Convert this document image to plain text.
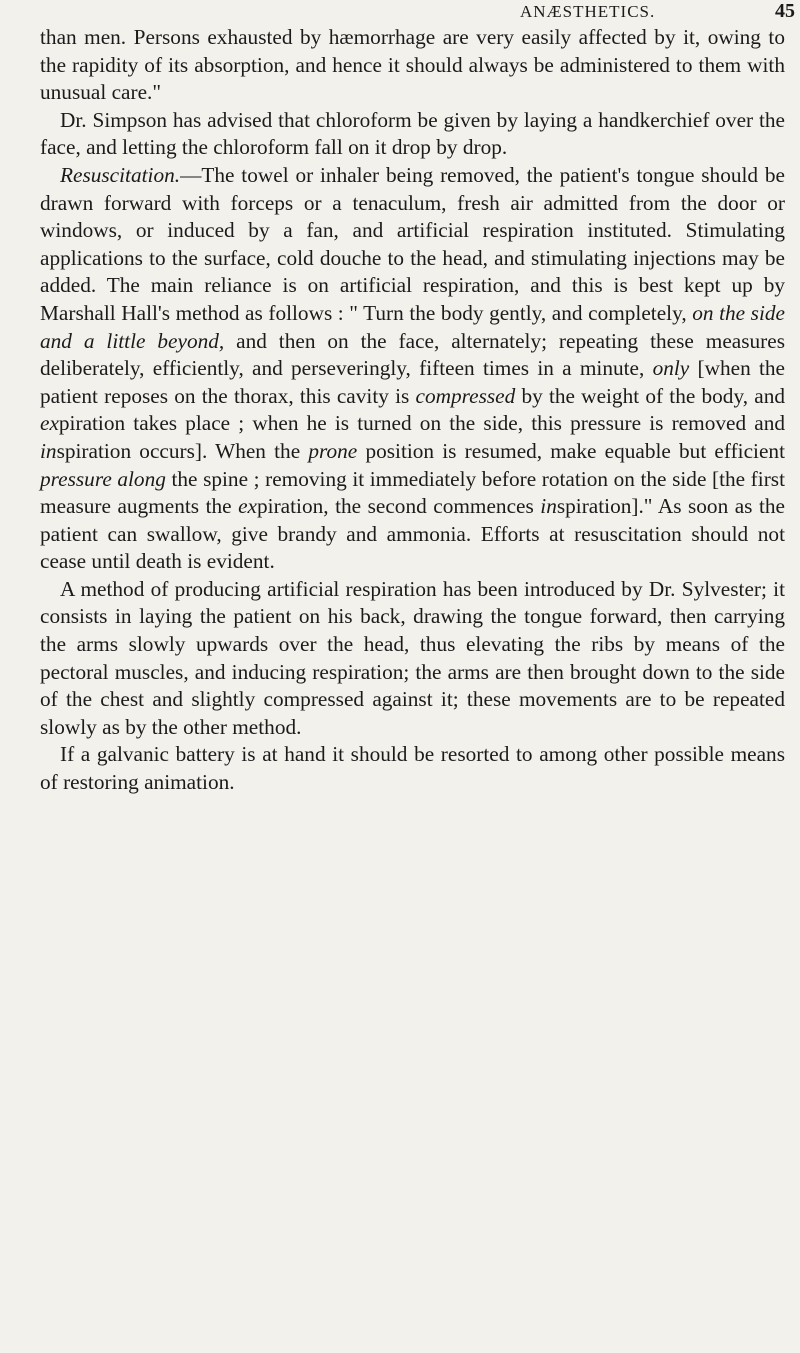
ANÆSTHETICS.	45

than men. Persons exhausted by hæmorrhage are very easily affected by it, owing to the rapidity of its absorption, and hence it should always be administered to them with unusual care."

Dr. Simpson has advised that chloroform be given by laying a handkerchief over the face, and letting the chloroform fall on it drop by drop.

Resuscitation.—The towel or inhaler being removed, the patient's tongue should be drawn forward with forceps or a tenaculum, fresh air admitted from the door or windows, or induced by a fan, and artificial respiration instituted. Stimulating applications to the surface, cold douche to the head, and stimulating injections may be added. The main reliance is on artificial respiration, and this is best kept up by Marshall Hall's method as follows : " Turn the body gently, and completely, on the side and a little beyond, and then on the face, alternately; repeating these measures deliberately, efficiently, and perseveringly, fifteen times in a minute, only [when the patient reposes on the thorax, this cavity is compressed by the weight of the body, and expiration takes place ; when he is turned on the side, this pressure is removed and inspiration occurs]. When the prone position is resumed, make equable but efficient pressure along the spine ; removing it immediately before rotation on the side [the first measure augments the expiration, the second commences inspiration]." As soon as the patient can swallow, give brandy and ammonia. Efforts at resuscitation should not cease until death is evident.

A method of producing artificial respiration has been introduced by Dr. Sylvester; it consists in laying the patient on his back, drawing the tongue forward, then carrying the arms slowly upwards over the head, thus elevating the ribs by means of the pectoral muscles, and inducing respiration; the arms are then brought down to the side of the chest and slightly compressed against it; these movements are to be repeated slowly as by the other method.

If a galvanic battery is at hand it should be resorted to among other possible means of restoring animation.
